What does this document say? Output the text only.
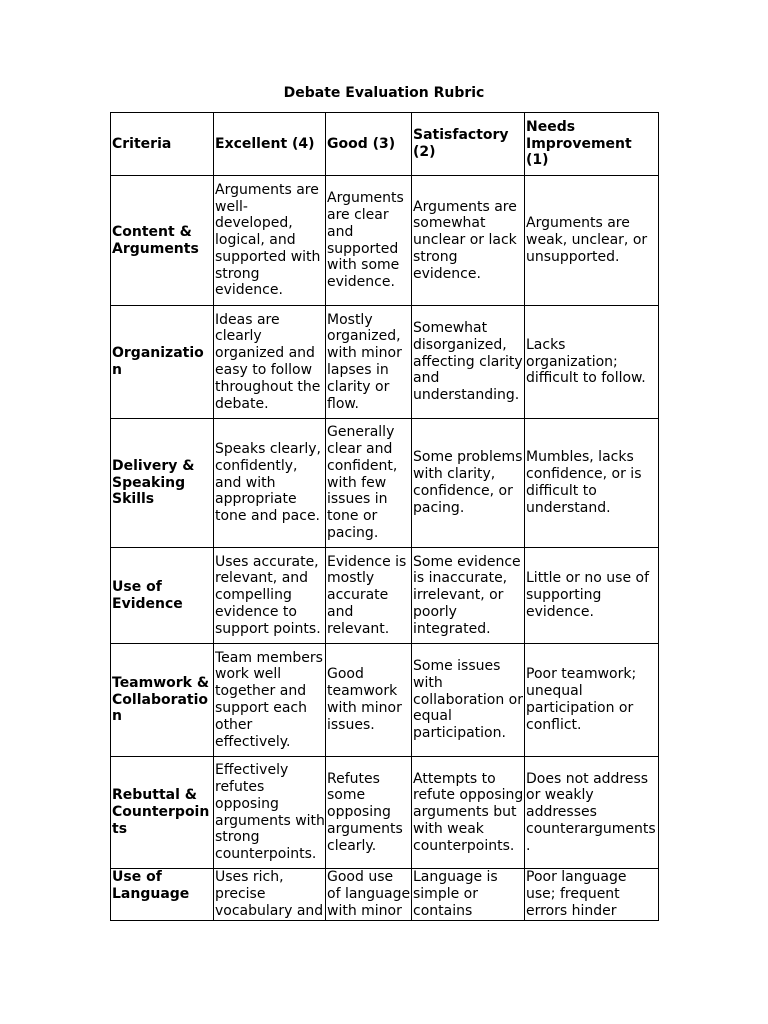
Debate Evaluation Rubric
Criteria	Excellent (4)	Good (3)	Satisfactory (2)	Needs Improvement (1)
Content & Arguments	Arguments are well-developed, logical, and supported with strong evidence.	Arguments are clear and supported with some evidence.	Arguments are somewhat unclear or lack strong evidence.	Arguments are weak, unclear, or unsupported.
Organization	Ideas are clearly organized and easy to follow throughout the debate.	Mostly organized, with minor lapses in clarity or flow.	Somewhat disorganized, affecting clarity and understanding.	Lacks organization; difficult to follow.
Delivery & Speaking Skills	Speaks clearly, confidently, and with appropriate tone and pace.	Generally clear and confident, with few issues in tone or pacing.	Some problems with clarity, confidence, or pacing.	Mumbles, lacks confidence, or is difficult to understand.
Use of Evidence	Uses accurate, relevant, and compelling evidence to support points.	Evidence is mostly accurate and relevant.	Some evidence is inaccurate, irrelevant, or poorly integrated.	Little or no use of supporting evidence.
Teamwork & Collaboration	Team members work well together and support each other effectively.	Good teamwork with minor issues.	Some issues with collaboration or equal participation.	Poor teamwork; unequal participation or conflict.
Rebuttal & Counterpoints	Effectively refutes opposing arguments with strong counterpoints.	Refutes some opposing arguments clearly.	Attempts to refute opposing arguments but with weak counterpoints.	Does not address or weakly addresses counterarguments.

Use of Language	Uses rich, precise vocabulary and	Good use of language with minor	Language is simple or contains	Poor language use; frequent errors hinder
